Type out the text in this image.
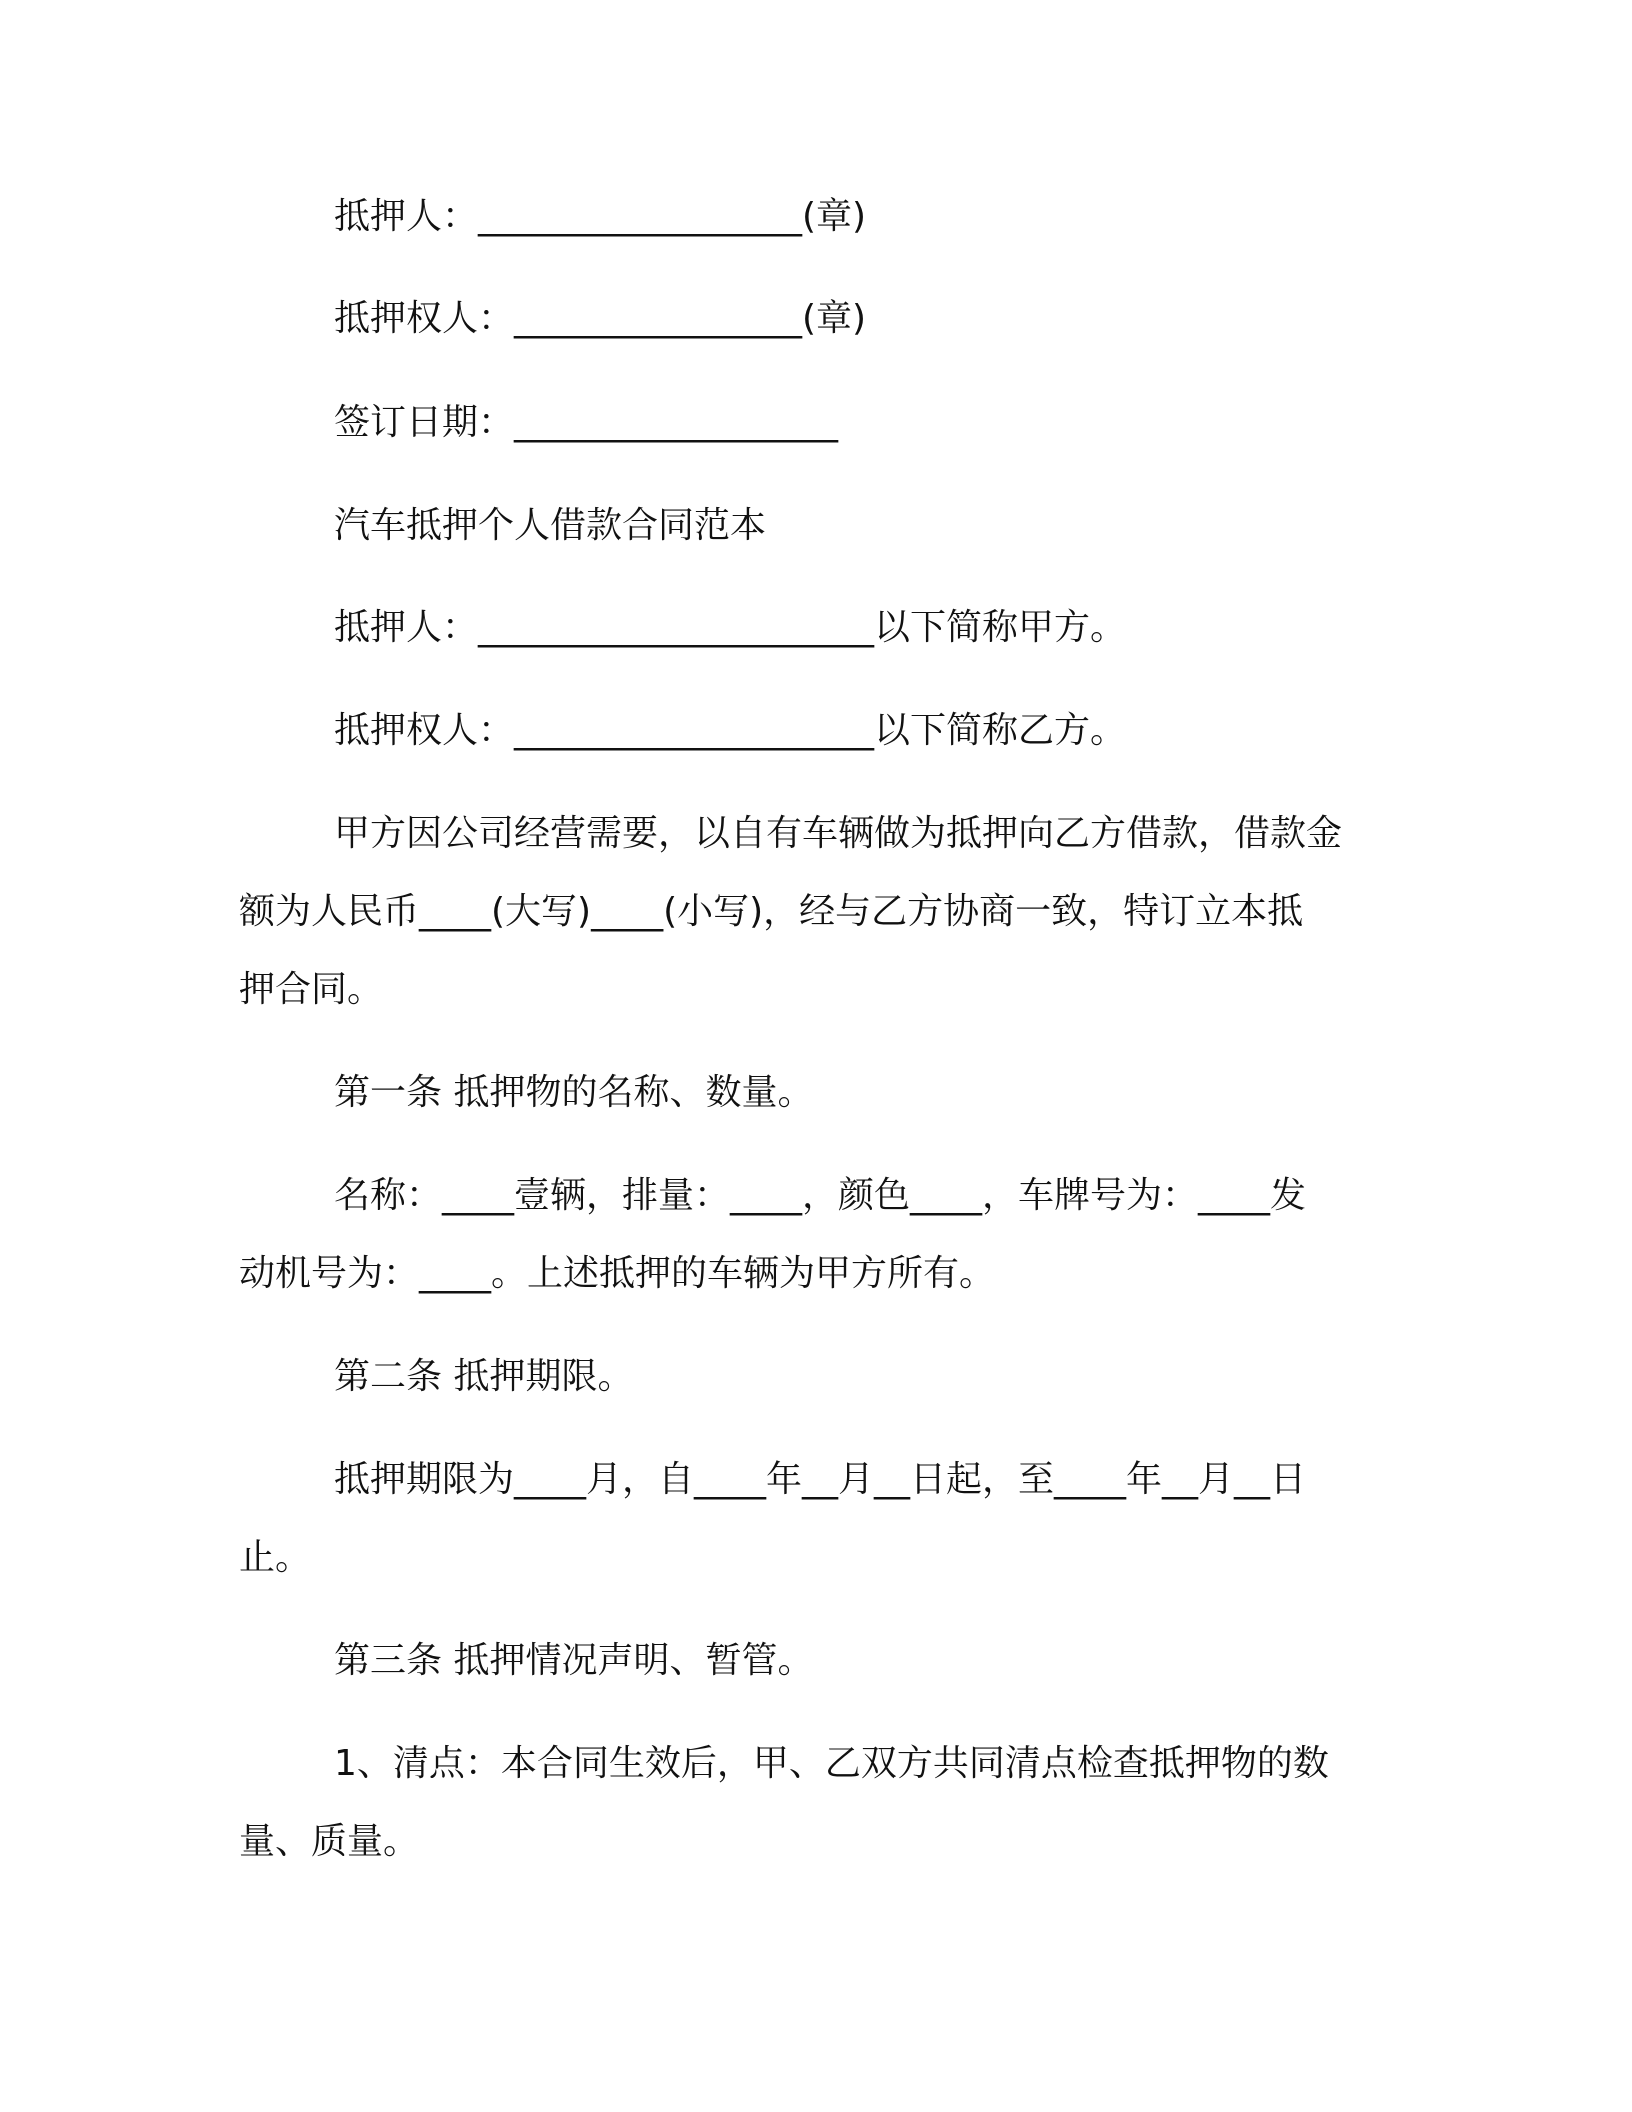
抵押人：__________________(章)
抵押权人：________________(章)
签订日期：__________________
汽车抵押个人借款合同范本
抵押人：______________________以下简称甲方。
抵押权人：____________________以下简称乙方。
甲方因公司经营需要，以自有车辆做为抵押向乙方借款，借款金
额为人民币____(大写)____(小写)，经与乙方协商一致，特订立本抵
押合同。
第一条 抵押物的名称、数量。
名称：____壹辆，排量：____，颜色____，车牌号为：____发
动机号为：____。上述抵押的车辆为甲方所有。
第二条 抵押期限。
抵押期限为____月，自____年__月__日起，至____年__月__日
止。
第三条 抵押情况声明、暂管。
1、清点：本合同生效后，甲、乙双方共同清点检查抵押物的数
量、质量。
